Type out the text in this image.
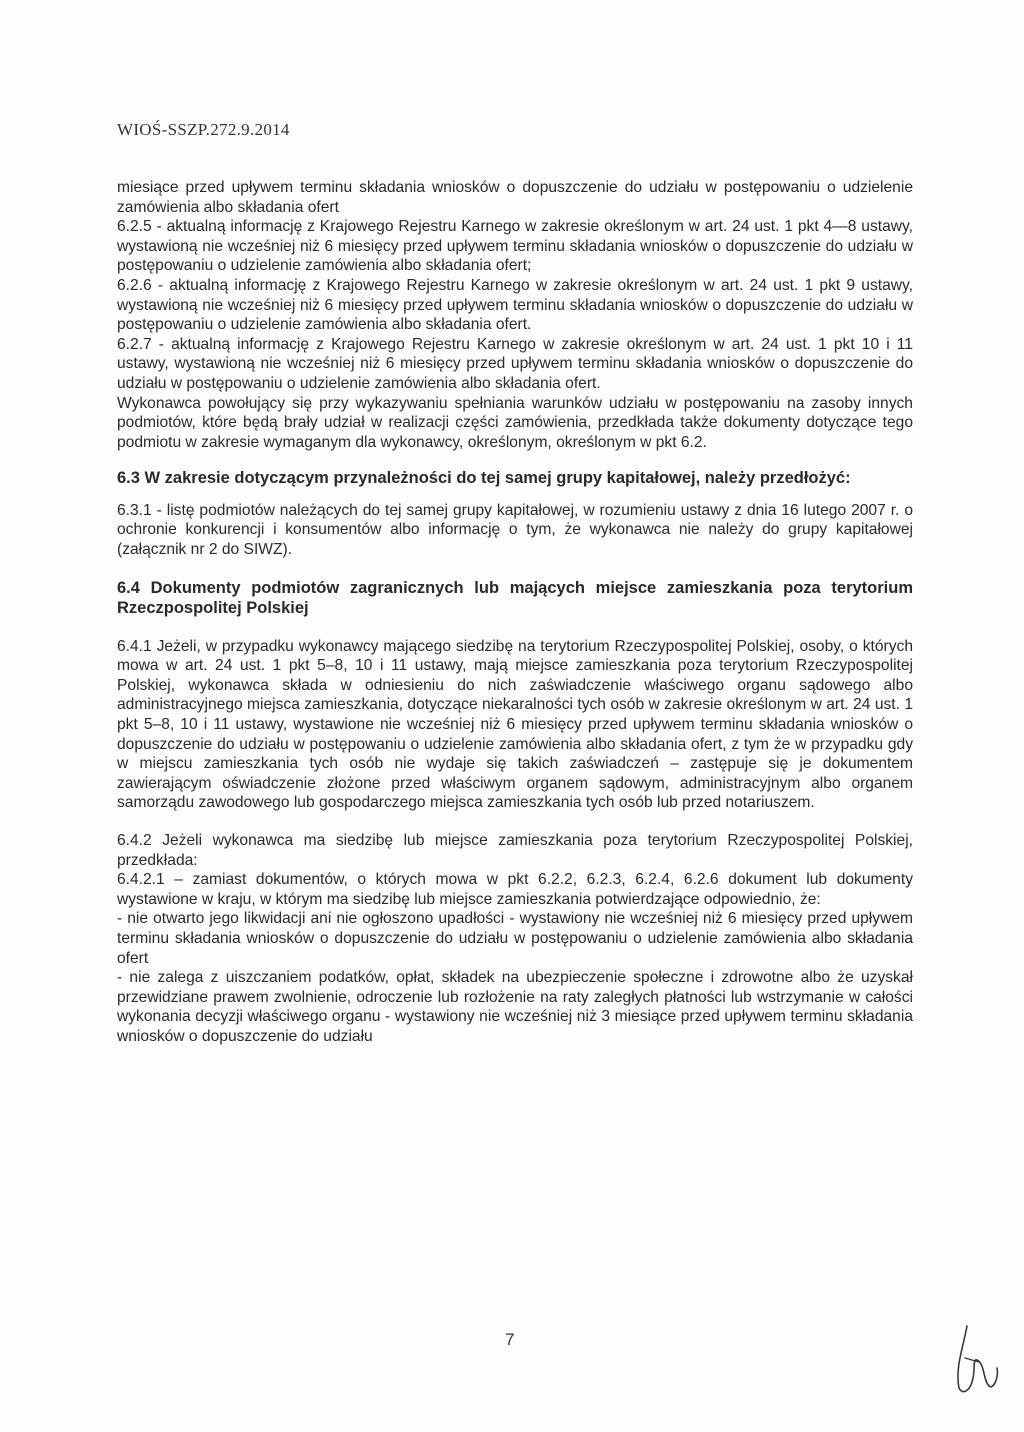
WIOŚ-SSZP.272.9.2014

miesiące przed upływem terminu składania wniosków o dopuszczenie do udziału w postępowaniu o udzielenie zamówienia albo składania ofert

6.2.5 - aktualną informację z Krajowego Rejestru Karnego w zakresie określonym w art. 24 ust. 1 pkt 4—8 ustawy, wystawioną nie wcześniej niż 6 miesięcy przed upływem terminu składania wniosków o dopuszczenie do udziału w postępowaniu o udzielenie zamówienia albo składania ofert;

6.2.6 - aktualną informację z Krajowego Rejestru Karnego w zakresie określonym w art. 24 ust. 1 pkt 9 ustawy, wystawioną nie wcześniej niż 6 miesięcy przed upływem terminu składania wniosków o dopuszczenie do udziału w postępowaniu o udzielenie zamówienia albo składania ofert.

6.2.7 - aktualną informację z Krajowego Rejestru Karnego w zakresie określonym w art. 24 ust. 1 pkt 10 i 11 ustawy, wystawioną nie wcześniej niż 6 miesięcy przed upływem terminu składania wniosków o dopuszczenie do udziału w postępowaniu o udzielenie zamówienia albo składania ofert.

Wykonawca powołujący się przy wykazywaniu spełniania warunków udziału w postępowaniu na zasoby innych podmiotów, które będą brały udział w realizacji części zamówienia, przedkłada także dokumenty dotyczące tego podmiotu w zakresie wymaganym dla wykonawcy, określonym, określonym w pkt 6.2.

6.3 W zakresie dotyczącym przynależności do tej samej grupy kapitałowej, należy przedłożyć:

6.3.1 - listę podmiotów należących do tej samej grupy kapitałowej, w rozumieniu ustawy z dnia 16 lutego 2007 r. o ochronie konkurencji i konsumentów albo informację o tym, że wykonawca nie należy do grupy kapitałowej (załącznik nr 2 do SIWZ).

6.4 Dokumenty podmiotów zagranicznych lub mających miejsce zamieszkania poza terytorium Rzeczpospolitej Polskiej

6.4.1 Jeżeli, w przypadku wykonawcy mającego siedzibę na terytorium Rzeczypospolitej Polskiej, osoby, o których mowa w art. 24 ust. 1 pkt 5–8, 10 i 11 ustawy, mają miejsce zamieszkania poza terytorium Rzeczypospolitej Polskiej, wykonawca składa w odniesieniu do nich zaświadczenie właściwego organu sądowego albo administracyjnego miejsca zamieszkania, dotyczące niekaralności tych osób w zakresie określonym w art. 24 ust. 1 pkt 5–8, 10 i 11 ustawy, wystawione nie wcześniej niż 6 miesięcy przed upływem terminu składania wniosków o dopuszczenie do udziału w postępowaniu o udzielenie zamówienia albo składania ofert, z tym że w przypadku gdy w miejscu zamieszkania tych osób nie wydaje się takich zaświadczeń – zastępuje się je dokumentem zawierającym oświadczenie złożone przed właściwym organem sądowym, administracyjnym albo organem samorządu zawodowego lub gospodarczego miejsca zamieszkania tych osób lub przed notariuszem.

6.4.2 Jeżeli wykonawca ma siedzibę lub miejsce zamieszkania poza terytorium Rzeczypospolitej Polskiej, przedkłada:

6.4.2.1 – zamiast dokumentów, o których mowa w pkt 6.2.2, 6.2.3, 6.2.4, 6.2.6 dokument lub dokumenty wystawione w kraju, w którym ma siedzibę lub miejsce zamieszkania potwierdzające odpowiednio, że:

- nie otwarto jego likwidacji ani nie ogłoszono upadłości - wystawiony nie wcześniej niż 6 miesięcy przed upływem terminu składania wniosków o dopuszczenie do udziału w postępowaniu o udzielenie zamówienia albo składania ofert

- nie zalega z uiszczaniem podatków, opłat, składek na ubezpieczenie społeczne i zdrowotne albo że uzyskał przewidziane prawem zwolnienie, odroczenie lub rozłożenie na raty zaległych płatności lub wstrzymanie w całości wykonania decyzji właściwego organu - wystawiony nie wcześniej niż 3 miesiące przed upływem terminu składania wniosków o dopuszczenie do udziału

7
